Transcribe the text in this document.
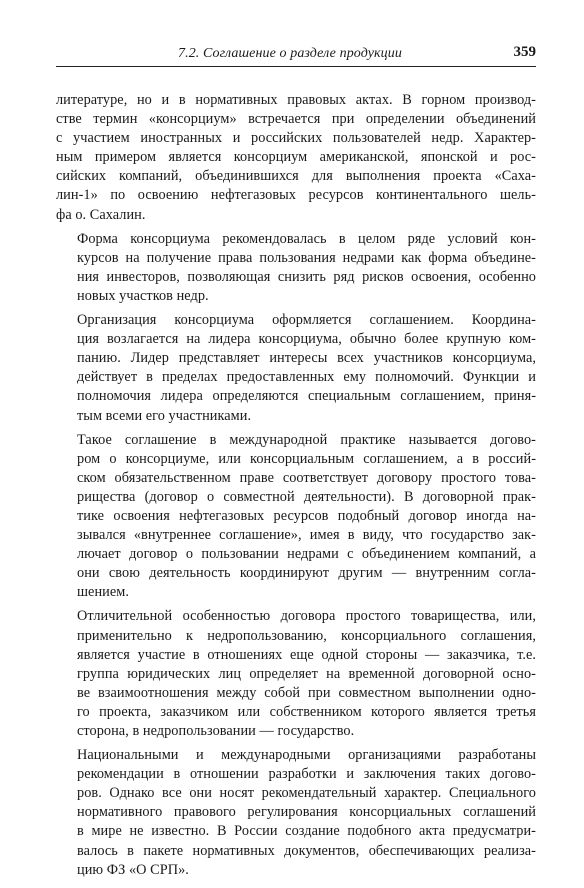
7.2. Соглашение о разделе продукции	359

литературе, но и в нормативных правовых актах. В горном производ-
стве термин «консорциум» встречается при определении объединений
с участием иностранных и российских пользователей недр. Характер-
ным примером является консорциум американской, японской и рос-
сийских компаний, объединившихся для выполнения проекта «Саха-
лин-1» по освоению нефтегазовых ресурсов континентального шель-
фа о. Сахалин.

Форма консорциума рекомендовалась в целом ряде условий кон-
курсов на получение права пользования недрами как форма объедине-
ния инвесторов, позволяющая снизить ряд рисков освоения, особенно
новых участков недр.

Организация консорциума оформляется соглашением. Координа-
ция возлагается на лидера консорциума, обычно более крупную ком-
панию. Лидер представляет интересы всех участников консорциума,
действует в пределах предоставленных ему полномочий. Функции и
полномочия лидера определяются специальным соглашением, приня-
тым всеми его участниками.

Такое соглашение в международной практике называется догово-
ром о консорциуме, или консорциальным соглашением, а в россий-
ском обязательственном праве соответствует договору простого това-
рищества (договор о совместной деятельности). В договорной прак-
тике освоения нефтегазовых ресурсов подобный договор иногда на-
зывался «внутреннее соглашение», имея в виду, что государство зак-
лючает договор о пользовании недрами с объединением компаний, а
они свою деятельность координируют другим — внутренним согла-
шением.

Отличительной особенностью договора простого товарищества, или,
применительно к недропользованию, консорциального соглашения,
является участие в отношениях еще одной стороны — заказчика, т.е.
группа юридических лиц определяет на временной договорной осно-
ве взаимоотношения между собой при совместном выполнении одно-
го проекта, заказчиком или собственником которого является третья
сторона, в недропользовании — государство.

Национальными и международными организациями разработаны
рекомендации в отношении разработки и заключения таких догово-
ров. Однако все они носят рекомендательный характер. Специального
нормативного правового регулирования консорциальных соглашений
в мире не известно. В России создание подобного акта предусматри-
валось в пакете нормативных документов, обеспечивающих реализа-
цию ФЗ «О СРП».
